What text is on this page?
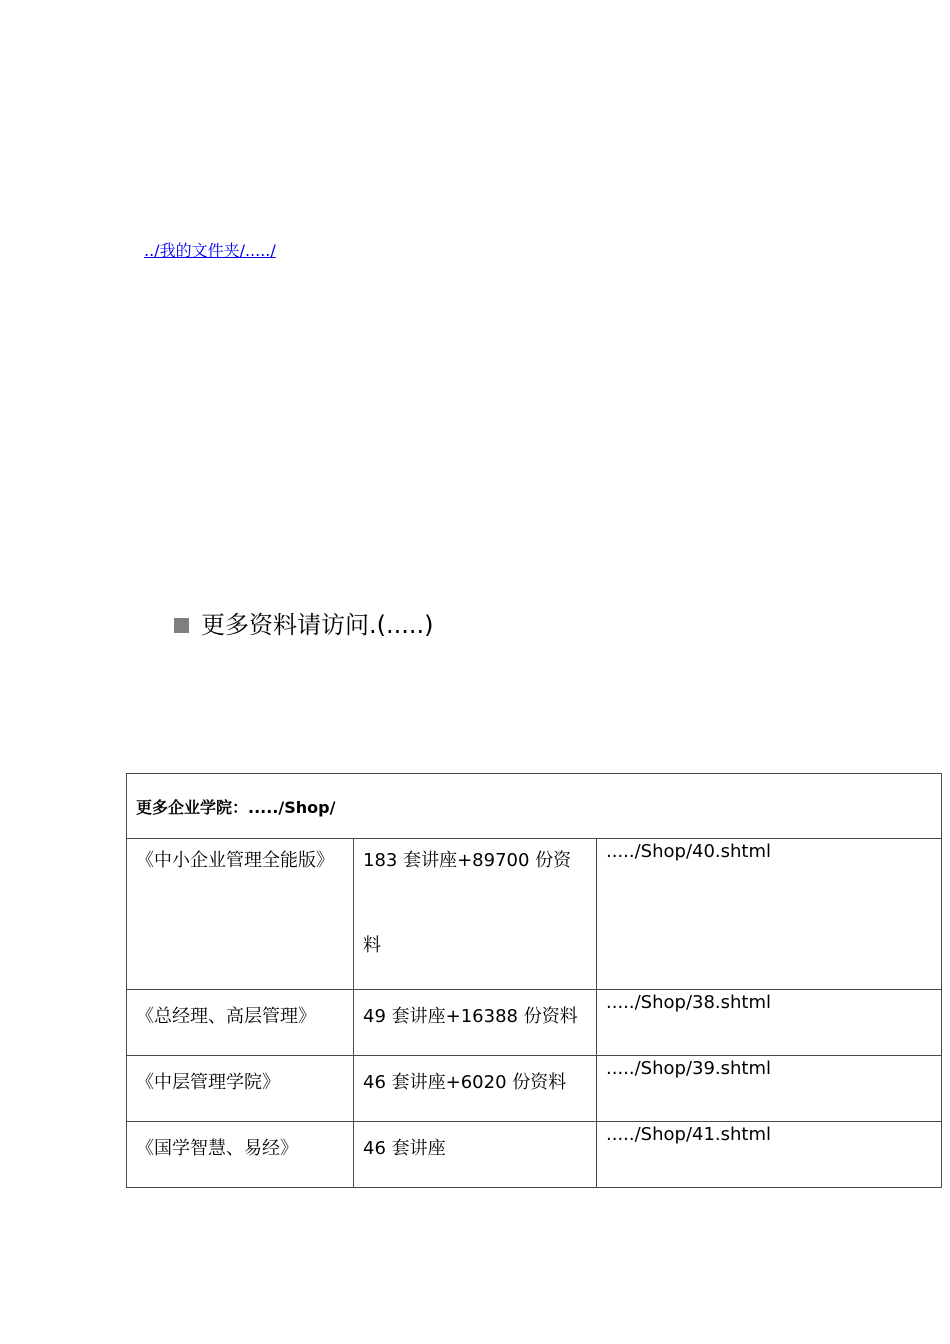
../我的文件夹/...../
更多资料请访问.(.....)
更多企业学院：...../Shop/		

《中小企业管理全能版》	183 套讲座+89700 份资料	...../Shop/40.shtml

《总经理、高层管理》	49 套讲座+16388 份资料	...../Shop/38.shtml

《中层管理学院》	46 套讲座+6020 份资料	...../Shop/39.shtml

《国学智慧、易经》	46 套讲座	...../Shop/41.shtml
